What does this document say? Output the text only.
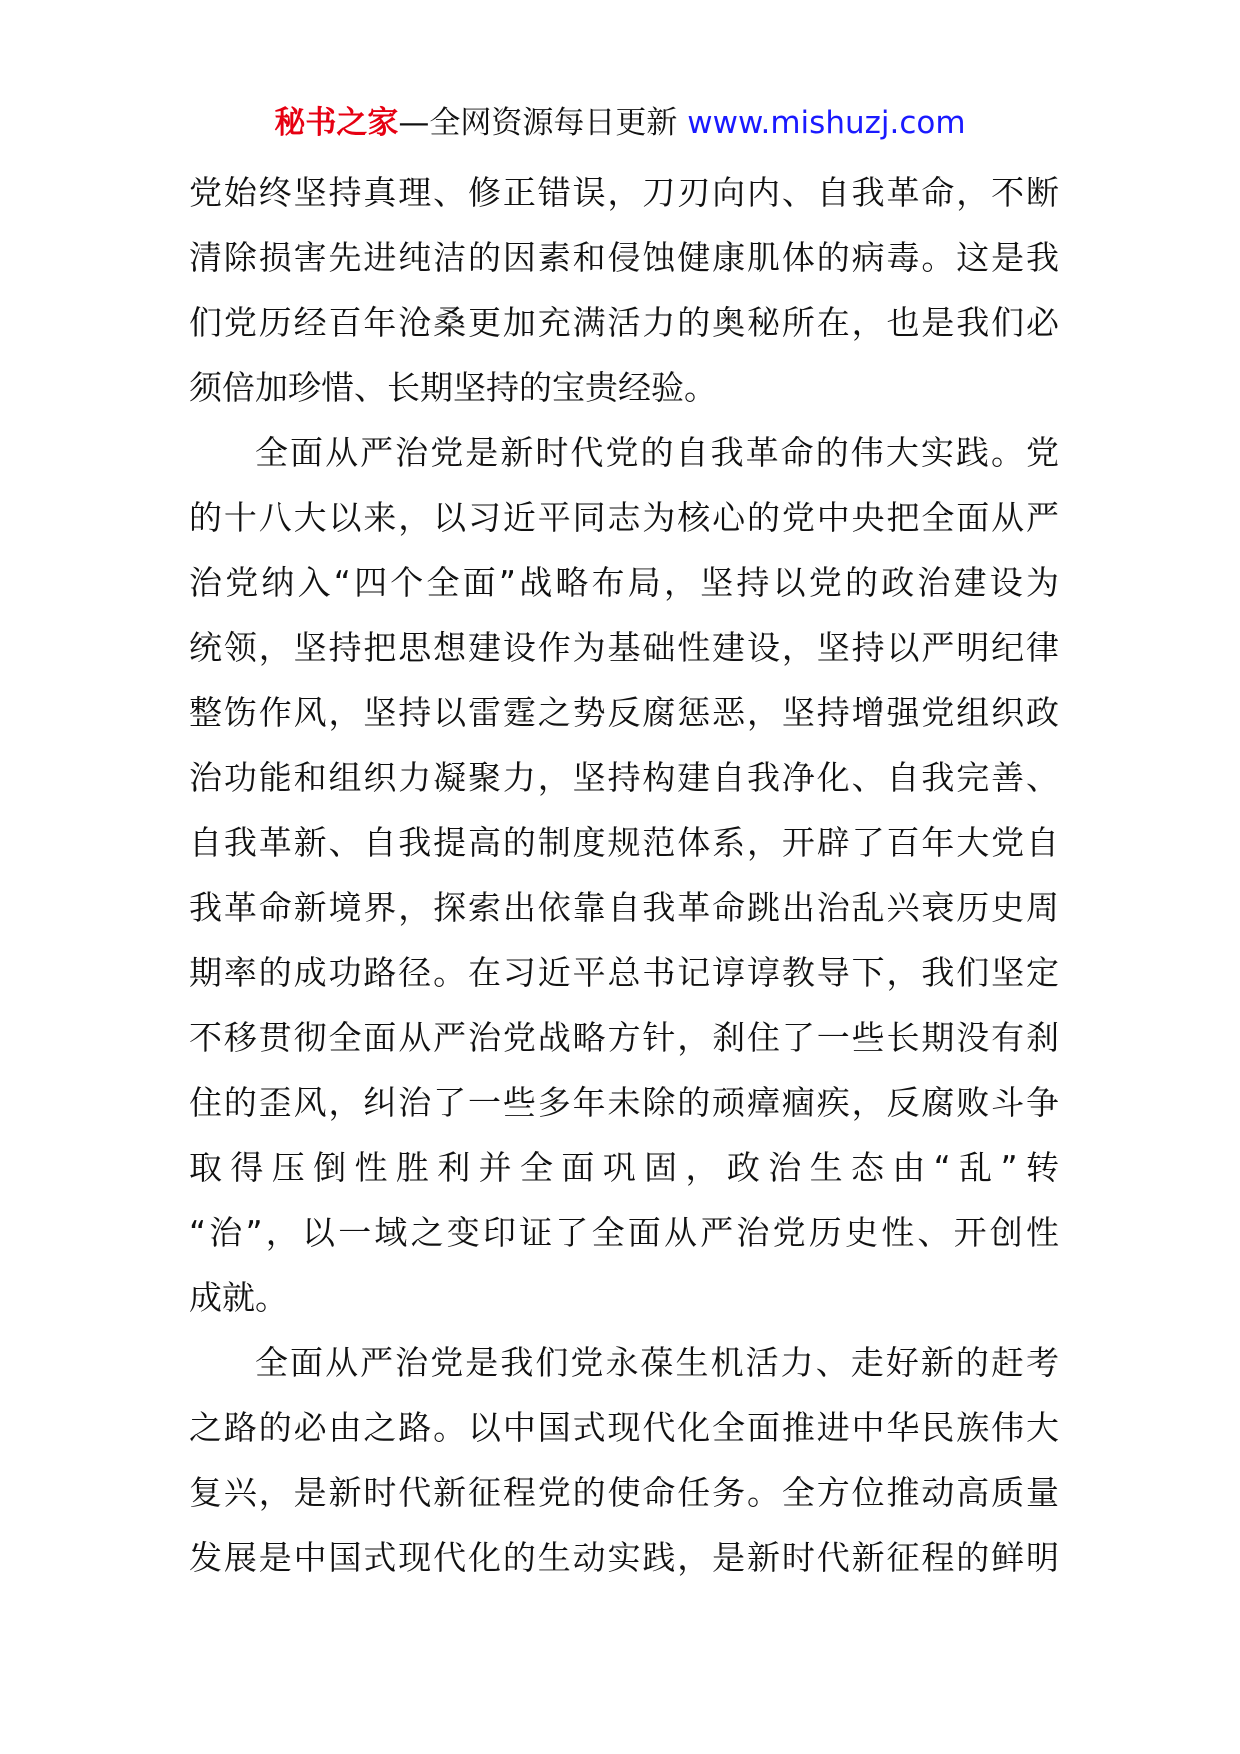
秘书之家—全网资源每日更新 www.mishuzj.com
党始终坚持真理、修正错误，刀刃向内、自我革命，不断
清除损害先进纯洁的因素和侵蚀健康肌体的病毒。这是我
们党历经百年沧桑更加充满活力的奥秘所在，也是我们必
须倍加珍惜、长期坚持的宝贵经验。
全面从严治党是新时代党的自我革命的伟大实践。党
的十八大以来，以习近平同志为核心的党中央把全面从严
治党纳入“四个全面”战略布局，坚持以党的政治建设为
统领，坚持把思想建设作为基础性建设，坚持以严明纪律
整饬作风，坚持以雷霆之势反腐惩恶，坚持增强党组织政
治功能和组织力凝聚力，坚持构建自我净化、自我完善、
自我革新、自我提高的制度规范体系，开辟了百年大党自
我革命新境界，探索出依靠自我革命跳出治乱兴衰历史周
期率的成功路径。在习近平总书记谆谆教导下，我们坚定
不移贯彻全面从严治党战略方针，刹住了一些长期没有刹
住的歪风，纠治了一些多年未除的顽瘴痼疾，反腐败斗争
取得压倒性胜利并全面巩固，政治生态由“乱”转
“治”，以一域之变印证了全面从严治党历史性、开创性
成就。
全面从严治党是我们党永葆生机活力、走好新的赶考
之路的必由之路。以中国式现代化全面推进中华民族伟大
复兴，是新时代新征程党的使命任务。全方位推动高质量
发展是中国式现代化的生动实践，是新时代新征程的鲜明
